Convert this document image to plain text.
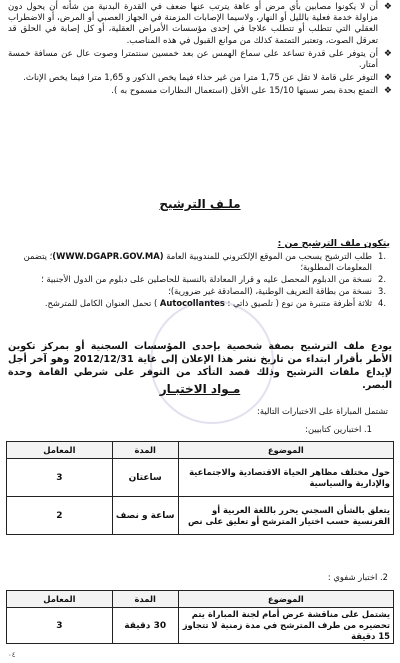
❖
أن لا يكونوا مصابين بأي مرض أو عاهة يترتب عنها ضعف في القدرة البدنية من شأنه أن يحول دون مزاولة خدمة فعلية بالليل أو النهار، ولاسيما الإصابات المزمنة في الجهاز العصبي أو المرض، أو الاضطراب العقلي التي تتطلب أو تتطلب علاجا في إحدى مؤسسات الأمراض العقلية، أو كل إصابة في الحلق قد تعرقل الصوت، وتعتبر التمتمة كذلك من موانع القبول في هذه المناصب.
❖
أن يتوفر على قدرة تساعد على سماع الهمس عن بعد خمسين سنتمترا وصوت عال عن مسافة خمسة أمتار.
❖
التوفر على قامة لا تقل عن 1,75 مترا من غير حذاء فيما يخص الذكور و 1,65 مترا فيما يخص الإناث.
❖
التمتع بحدة بصر نسبتها 15/10 على الأقل (استعمال النظارات مسموح به ).
ملـف الترشيح
يتكون ملف الترشيح من :
.1
طلب الترشيح يسحب من الموقع الإلكتروني للمندوبية العامة (WWW.DGAPR.GOV.MA)؛ يتضمن المعلومات المطلوبة؛
.2
نسخة من الدبلوم المحصل عليه و قرار المعادلة بالنسبة للحاصلين على دبلوم من الدول الأجنبية ؛
.3
نسخة من بطاقة التعريف الوطنية، (المصادقة غير ضرورية)؛
.4
ثلاثة أظرفة متنبرة من نوع ( تلصيق ذاتي : Autocollantes ) تحمل العنوان الكامل للمترشح.
يودع ملف الترشيح بصفة شخصية بإحدى المؤسسات السجنية أو بمركز تكوين الأطر بأقرار ابتداء من تاريخ نشر هذا الإعلان إلى غاية 2012/12/31 وهو آخر أجل لإيداع ملفات الترشيح وذلك قصد التأكد من التوفر على شرطي القامة وحدة البصر.
مـواد الاختبـار
تشتمل المباراة على الاختبارات التالية:
1. اختبارين كتابيين:
الموضوع	المدة	المعامل
حول مختلف مظاهر الحياة الاقتصادية والاجتماعية والإدارية والسياسية	ساعتان	3
يتعلق بالشأن السجني يحرر باللغة العربية أو الفرنسية حسب اختيار المترشح أو تعليق على نص	ساعة و نصف	2
2. اختبار شفوي :
الموضوع	المدة	المعامل
يشتمل على مناقشة عرض أمام لجنة المباراة يتم تحضيره من طرف المترشح في مدة زمنية لا تتجاوز 15 دقيقة	30 دقيقة	3
٠٤
